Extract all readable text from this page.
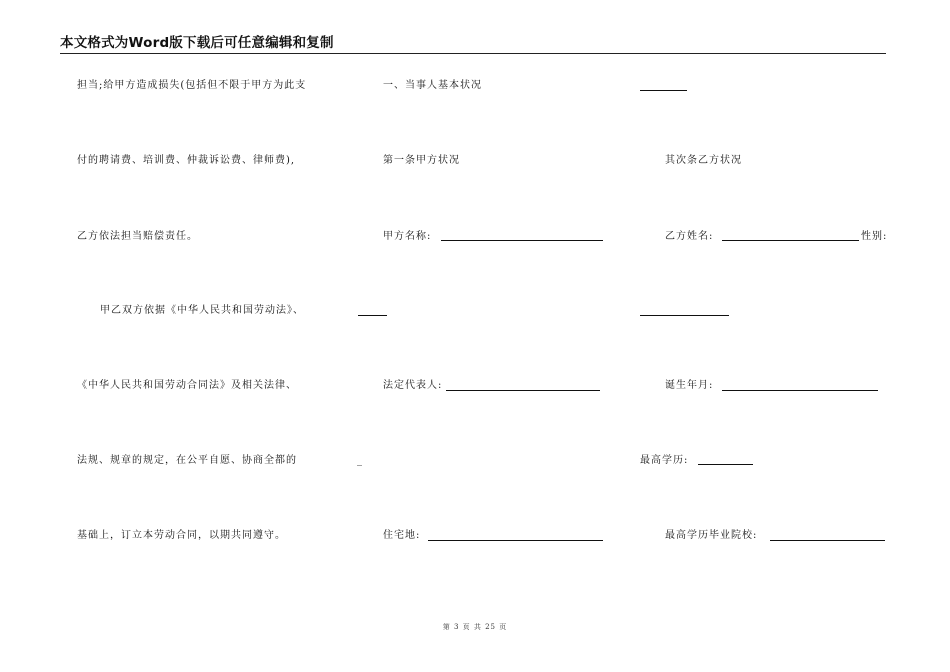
本文格式为Word版下载后可任意编辑和复制
担当;给甲方造成损失(包括但不限于甲方为此支
付的聘请费、培训费、仲裁诉讼费、律师费),
乙方依法担当赔偿责任。
甲乙双方依据《中华人民共和国劳动法》、
《中华人民共和国劳动合同法》及相关法律、
法规、规章的规定，在公平自愿、协商全都的
基础上，订立本劳动合同，以期共同遵守。
一、当事人基本状况
第一条甲方状况
甲方名称:
法定代表人:
_
住宅地:
其次条乙方状况
乙方姓名:	性别:
诞生年月:
最高学历:
最高学历毕业院校:
第 3 页 共 25 页
